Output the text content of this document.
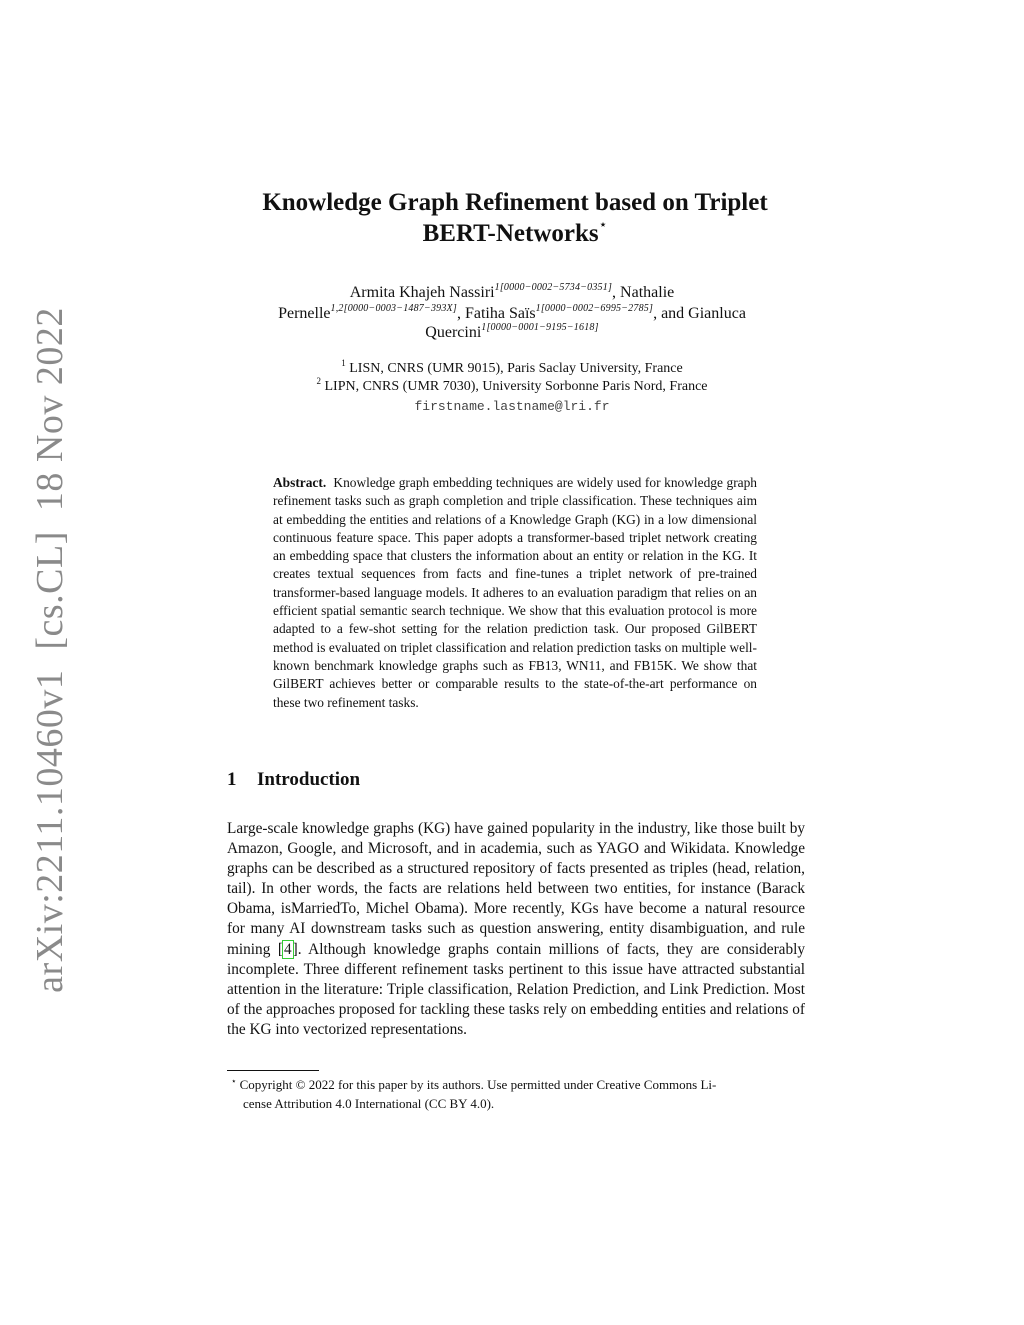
arXiv:2211.10460v1  [cs.CL]  18 Nov 2022
Knowledge Graph Refinement based on Triplet
BERT-Networks⋆
Armita Khajeh Nassiri$^{1[0000-0002-5734-0351]}$, Nathalie
Pernelle$^{1,2[0000-0003-1487-393X]}$, Fatiha Saïs$^{1[0000-0002-6995-2785]}$, and Gianluca
Quercini$^{1[0000-0001-9195-1618]}$
$^1$ LISN, CNRS (UMR 9015), Paris Saclay University, France
$^2$ LIPN, CNRS (UMR 7030), University Sorbonne Paris Nord, France
firstname.lastname@lri.fr
Abstract. Knowledge graph embedding techniques are widely used for knowledge graph refinement tasks such as graph completion and triple classification. These techniques aim at embedding the entities and relations of a Knowledge Graph (KG) in a low dimensional continuous feature space. This paper adopts a transformer-based triplet network creating an embedding space that clusters the information about an entity or relation in the KG. It creates textual sequences from facts and fine-tunes a triplet network of pre-trained transformer-based language models. It adheres to an evaluation paradigm that relies on an efficient spatial semantic search technique. We show that this evaluation protocol is more adapted to a few-shot setting for the relation prediction task. Our proposed GilBERT method is evaluated on triplet classification and relation prediction tasks on multiple well-known benchmark knowledge graphs such as FB13, WN11, and FB15K. We show that GilBERT achieves better or comparable results to the state-of-the-art performance on these two refinement tasks.
1 Introduction
Large-scale knowledge graphs (KG) have gained popularity in the industry, like those built by Amazon, Google, and Microsoft, and in academia, such as YAGO and Wikidata. Knowledge graphs can be described as a structured repository of facts presented as triples (head, relation, tail). In other words, the facts are relations held between two entities, for instance (Barack Obama, isMarriedTo, Michel Obama). More recently, KGs have become a natural resource for many AI downstream tasks such as question answering, entity disambiguation, and rule mining [4]. Although knowledge graphs contain millions of facts, they are considerably incomplete. Three different refinement tasks pertinent to this issue have attracted substantial attention in the literature: Triple classification, Relation Prediction, and Link Prediction. Most of the approaches proposed for tackling these tasks rely on embedding entities and relations of the KG into vectorized representations.
⋆ Copyright © 2022 for this paper by its authors. Use permitted under Creative Commons Li-
cense Attribution 4.0 International (CC BY 4.0).
